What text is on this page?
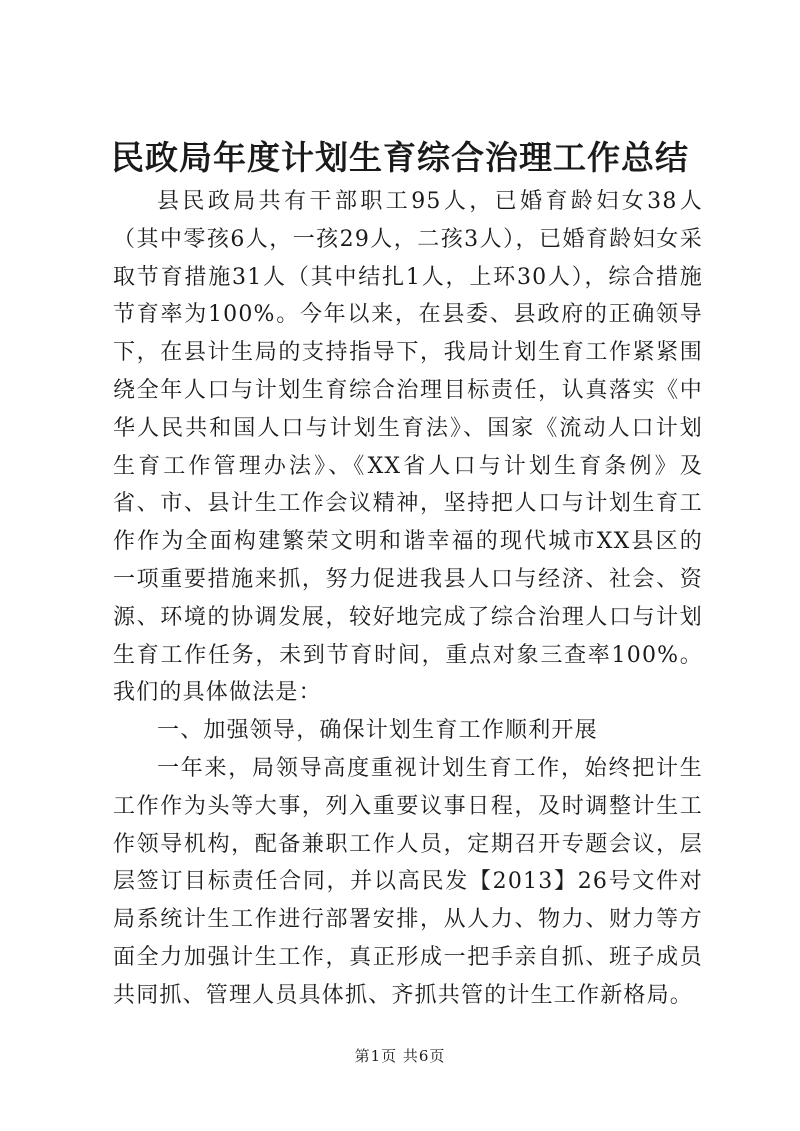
民政局年度计划生育综合治理工作总结

县民政局共有干部职工95人，已婚育龄妇女38人（其中零孩6人，一孩29人，二孩3人），已婚育龄妇女采取节育措施31人（其中结扎1人，上环30人），综合措施节育率为100%。今年以来，在县委、县政府的正确领导下，在县计生局的支持指导下，我局计划生育工作紧紧围绕全年人口与计划生育综合治理目标责任，认真落实《中华人民共和国人口与计划生育法》、国家《流动人口计划生育工作管理办法》、《XX省人口与计划生育条例》及省、市、县计生工作会议精神，坚持把人口与计划生育工作作为全面构建繁荣文明和谐幸福的现代城市XX县区的一项重要措施来抓，努力促进我县人口与经济、社会、资源、环境的协调发展，较好地完成了综合治理人口与计划生育工作任务，未到节育时间，重点对象三查率100%。我们的具体做法是：

一、加强领导，确保计划生育工作顺利开展

一年来，局领导高度重视计划生育工作，始终把计生工作作为头等大事，列入重要议事日程，及时调整计生工作领导机构，配备兼职工作人员，定期召开专题会议，层层签订目标责任合同，并以高民发【2013】26号文件对局系统计生工作进行部署安排，从人力、物力、财力等方面全力加强计生工作，真正形成一把手亲自抓、班子成员共同抓、管理人员具体抓、齐抓共管的计生工作新格局。

第1页 共6页
